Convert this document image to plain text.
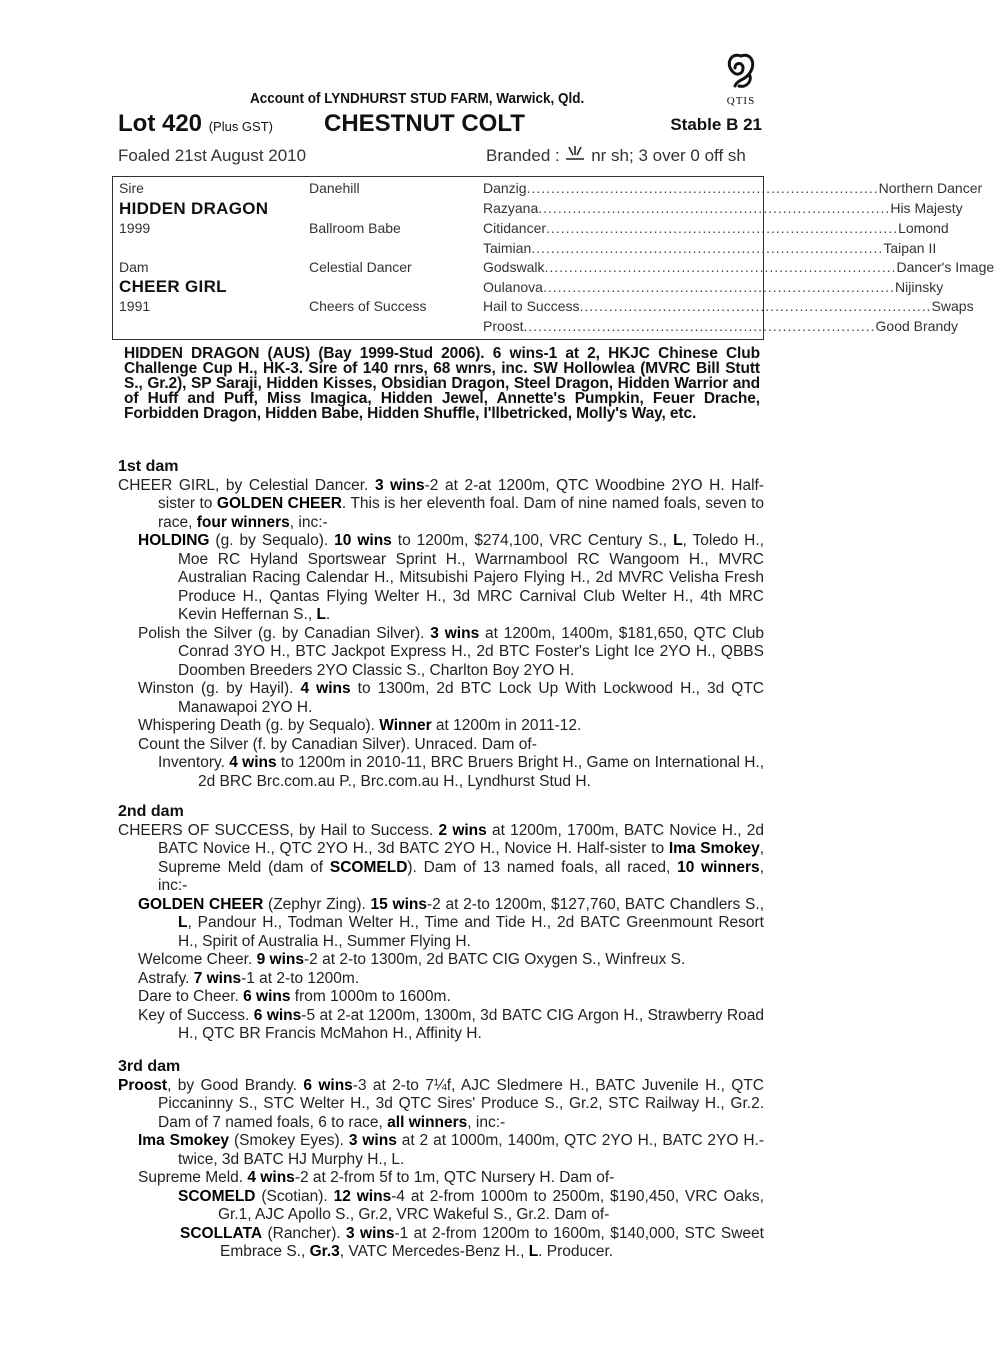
QTIS
Account of LYNDHURST STUD FARM, Warwick, Qld.
Lot 420 (Plus GST) CHESTNUT COLT	Stable B 21
Foaled 21st August 2010	Branded : nr sh; 3 over 0 off sh
Sire
HIDDEN DRAGON
1999
Dam
CHEER GIRL
1991
Danehill
Ballroom Babe
Celestial Dancer
Cheers of Success
Danzig ........................................................................ Northern Dancer
Razyana ........................................................................ His Majesty
Citidancer ........................................................................ Lomond
Taimian ........................................................................ Taipan II
Godswalk ........................................................................ Dancer's Image
Oulanova ........................................................................ Nijinsky
Hail to Success ........................................................................ Swaps
Proost ........................................................................ Good Brandy
HIDDEN DRAGON (AUS) (Bay 1999-Stud 2006). 6 wins-1 at 2, HKJC Chinese Club Challenge Cup H., HK-3. Sire of 140 rnrs, 68 wnrs, inc. SW Hollowlea (MVRC Bill Stutt S., Gr.2), SP Saraji, Hidden Kisses, Obsidian Dragon, Steel Dragon, Hidden Warrior and of Huff and Puff, Miss Imagica, Hidden Jewel, Annette's Pumpkin, Feuer Drache, Forbidden Dragon, Hidden Babe, Hidden Shuffle, I'llbetricked, Molly's Way, etc.
1st dam
CHEER GIRL, by Celestial Dancer. 3 wins-2 at 2-at 1200m, QTC Woodbine 2YO H. Half-sister to GOLDEN CHEER. This is her eleventh foal. Dam of nine named foals, seven to race, four winners, inc:-
HOLDING (g. by Sequalo). 10 wins to 1200m, $274,100, VRC Century S., L, Toledo H., Moe RC Hyland Sportswear Sprint H., Warrnambool RC Wangoom H., MVRC Australian Racing Calendar H., Mitsubishi Pajero Flying H., 2d MVRC Velisha Fresh Produce H., Qantas Flying Welter H., 3d MRC Carnival Club Welter H., 4th MRC Kevin Heffernan S., L.
Polish the Silver (g. by Canadian Silver). 3 wins at 1200m, 1400m, $181,650, QTC Club Conrad 3YO H., BTC Jackpot Express H., 2d BTC Foster's Light Ice 2YO H., QBBS Doomben Breeders 2YO Classic S., Charlton Boy 2YO H.
Winston (g. by Hayil). 4 wins to 1300m, 2d BTC Lock Up With Lockwood H., 3d QTC Manawapoi 2YO H.
Whispering Death (g. by Sequalo). Winner at 1200m in 2011-12.
Count the Silver (f. by Canadian Silver). Unraced. Dam of-
Inventory. 4 wins to 1200m in 2010-11, BRC Bruers Bright H., Game on International H., 2d BRC Brc.com.au P., Brc.com.au H., Lyndhurst Stud H.
2nd dam
CHEERS OF SUCCESS, by Hail to Success. 2 wins at 1200m, 1700m, BATC Novice H., 2d BATC Novice H., QTC 2YO H., 3d BATC 2YO H., Novice H. Half-sister to Ima Smokey, Supreme Meld (dam of SCOMELD). Dam of 13 named foals, all raced, 10 winners, inc:-
GOLDEN CHEER (Zephyr Zing). 15 wins-2 at 2-to 1200m, $127,760, BATC Chandlers S., L, Pandour H., Todman Welter H., Time and Tide H., 2d BATC Greenmount Resort H., Spirit of Australia H., Summer Flying H.
Welcome Cheer. 9 wins-2 at 2-to 1300m, 2d BATC CIG Oxygen S., Winfreux S.
Astrafy. 7 wins-1 at 2-to 1200m.
Dare to Cheer. 6 wins from 1000m to 1600m.
Key of Success. 6 wins-5 at 2-at 1200m, 1300m, 3d BATC CIG Argon H., Strawberry Road H., QTC BR Francis McMahon H., Affinity H.
3rd dam
Proost, by Good Brandy. 6 wins-3 at 2-to 7¼f, AJC Sledmere H., BATC Juvenile H., QTC Piccaninny S., STC Welter H., 3d QTC Sires' Produce S., Gr.2, STC Railway H., Gr.2. Dam of 7 named foals, 6 to race, all winners, inc:-
Ima Smokey (Smokey Eyes). 3 wins at 2 at 1000m, 1400m, QTC 2YO H., BATC 2YO H.-twice, 3d BATC HJ Murphy H., L.
Supreme Meld. 4 wins-2 at 2-from 5f to 1m, QTC Nursery H. Dam of-
SCOMELD (Scotian). 12 wins-4 at 2-from 1000m to 2500m, $190,450, VRC Oaks, Gr.1, AJC Apollo S., Gr.2, VRC Wakeful S., Gr.2. Dam of-
SCOLLATA (Rancher). 3 wins-1 at 2-from 1200m to 1600m, $140,000, STC Sweet Embrace S., Gr.3, VATC Mercedes-Benz H., L. Producer.
